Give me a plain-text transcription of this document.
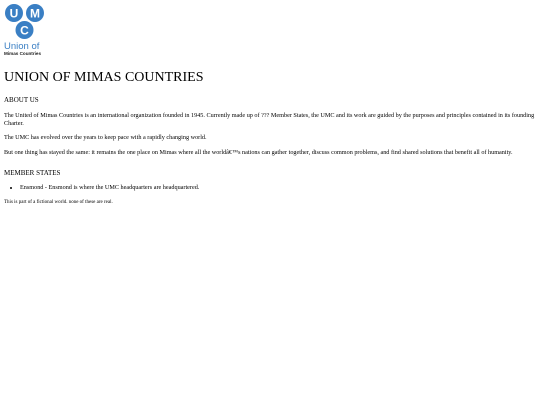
U M
C
Union of
Mimas Countries
UNION OF MIMAS COUNTRIES
ABOUT US

The United of Mimas Countries is an international organization founded in 1945. Currently made up of ??? Member States, the UMC and its work are guided by the purposes and principles contained in its founding Charter.

The UMC has evolved over the years to keep pace with a rapidly changing world.

But one thing has stayed the same: it remains the one place on Mimas where all the worldâ€™s nations can gather together, discuss common problems, and find shared solutions that benefit all of humanity.

MEMBER STATES
• Ensmond - Ensmond is where the UMC headquarters are headquartered.
This is part of a fictional world. none of these are real.
